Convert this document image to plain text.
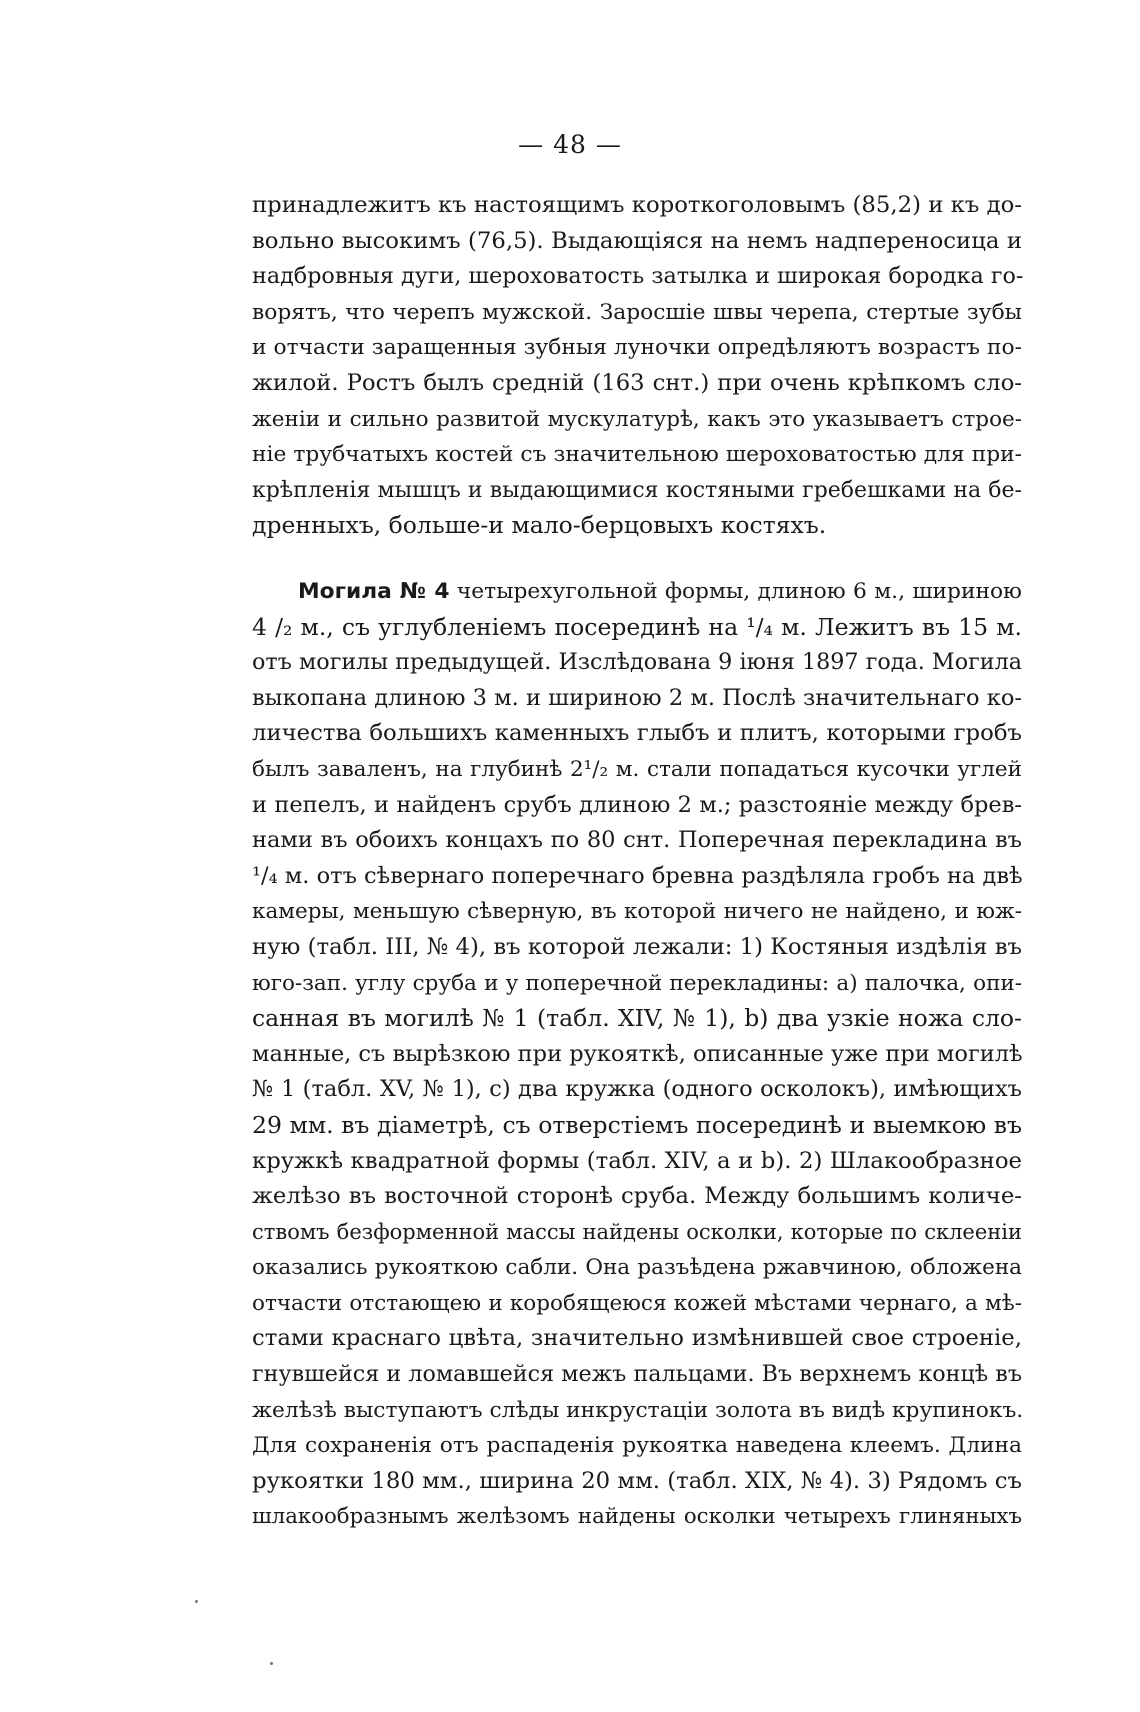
— 48 —
принадлежитъ къ настоящимъ короткоголовымъ (85,2) и къ до-
вольно высокимъ (76,5). Выдающіяся на немъ надпереносица и
надбровныя дуги, шероховатость затылка и широкая бородка го-
ворятъ, что черепъ мужской. Заросшіе швы черепа, стертые зубы
и отчасти заращенныя зубныя луночки опредѣляютъ возрастъ по-
жилой. Ростъ былъ средній (163 снт.) при очень крѣпкомъ сло-
женіи и сильно развитой мускулатурѣ, какъ это указываетъ строе-
ніе трубчатыхъ костей съ значительною шероховатостью для при-
крѣпленія мышцъ и выдающимися костяными гребешками на бе-
дренныхъ, больше-и мало-берцовыхъ костяхъ.
Могила № 4 четырехугольной формы, длиною 6 м., шириною
4 /₂ м., съ углубленіемъ посерединѣ на ¹/₄ м. Лежитъ въ 15 м.
отъ могилы предыдущей. Изслѣдована 9 іюня 1897 года. Могила
выкопана длиною 3 м. и шириною 2 м. Послѣ значительнаго ко-
личества большихъ каменныхъ глыбъ и плитъ, которыми гробъ
былъ заваленъ, на глубинѣ 2¹/₂ м. стали попадаться кусочки углей
и пепелъ, и найденъ срубъ длиною 2 м.; разстояніе между брев-
нами въ обоихъ концахъ по 80 снт. Поперечная перекладина въ
¹/₄ м. отъ сѣвернаго поперечнаго бревна раздѣляла гробъ на двѣ
камеры, меньшую сѣверную, въ которой ничего не найдено, и юж-
ную (табл. III, № 4), въ которой лежали: 1) Костяныя издѣлія въ
юго-зап. углу сруба и у поперечной перекладины: а) палочка, опи-
санная въ могилѣ № 1 (табл. XIV, № 1), b) два узкіе ножа сло-
манные, съ вырѣзкою при рукояткѣ, описанные уже при могилѣ
№ 1 (табл. XV, № 1), с) два кружка (одного осколокъ), имѣющихъ
29 мм. въ діаметрѣ, съ отверстіемъ посерединѣ и выемкою въ
кружкѣ квадратной формы (табл. XIV, a и b). 2) Шлакообразное
желѣзо въ восточной сторонѣ сруба. Между большимъ количе-
ствомъ безформенной массы найдены осколки, которые по склееніи
оказались рукояткою сабли. Она разъѣдена ржавчиною, обложена
отчасти отстающею и коробящеюся кожей мѣстами чернаго, а мѣ-
стами краснаго цвѣта, значительно измѣнившей свое строеніе,
гнувшейся и ломавшейся межъ пальцами. Въ верхнемъ концѣ въ
желѣзѣ выступаютъ слѣды инкрустаціи золота въ видѣ крупинокъ.
Для сохраненія отъ распаденія рукоятка наведена клеемъ. Длина
рукоятки 180 мм., ширина 20 мм. (табл. XIX, № 4). 3) Рядомъ съ
шлакообразнымъ желѣзомъ найдены осколки четырехъ глиняныхъ
